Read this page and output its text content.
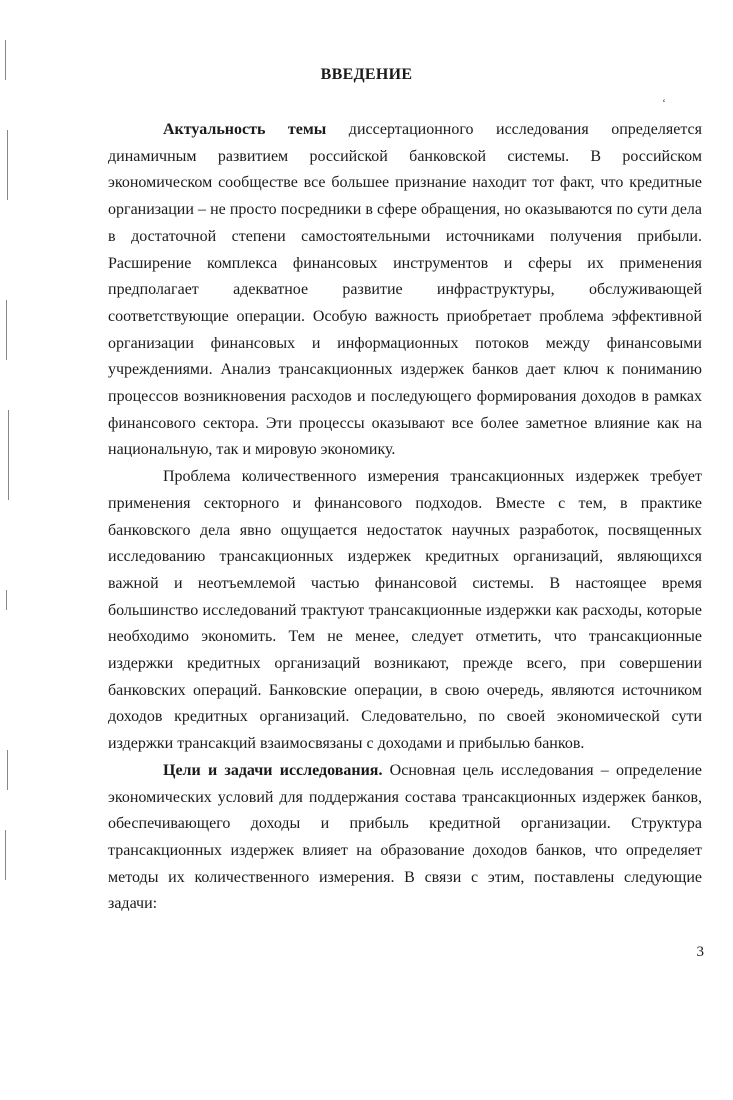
ʻ
ВВЕДЕНИЕ

Актуальность темы диссертационного исследования определяется динамичным развитием российской банковской системы. В российском экономическом сообществе все большее признание находит тот факт, что кредитные организации – не просто посредники в сфере обращения, но оказываются по сути дела в достаточной степени самостоятельными источниками получения прибыли. Расширение комплекса финансовых инструментов и сферы их применения предполагает адекватное развитие инфраструктуры, обслуживающей соответствующие операции. Особую важность приобретает проблема эффективной организации финансовых и информационных потоков между финансовыми учреждениями. Анализ трансакционных издержек банков дает ключ к пониманию процессов возникновения расходов и последующего формирования доходов в рамках финансового сектора. Эти процессы оказывают все более заметное влияние как на национальную, так и мировую экономику.

Проблема количественного измерения трансакционных издержек требует применения секторного и финансового подходов. Вместе с тем, в практике банковского дела явно ощущается недостаток научных разработок, посвященных исследованию трансакционных издержек кредитных организаций, являющихся важной и неотъемлемой частью финансовой системы. В настоящее время большинство исследований трактуют трансакционные издержки как расходы, которые необходимо экономить. Тем не менее, следует отметить, что трансакционные издержки кредитных организаций возникают, прежде всего, при совершении банковских операций. Банковские операции, в свою очередь, являются источником доходов кредитных организаций. Следовательно, по своей экономической сути издержки трансакций взаимосвязаны с доходами и прибылью банков.

Цели и задачи исследования. Основная цель исследования – определение экономических условий для поддержания состава трансакционных издержек банков, обеспечивающего доходы и прибыль кредитной организации. Структура трансакционных издержек влияет на образование доходов банков, что определяет методы их количественного измерения. В связи с этим, поставлены следующие задачи:

3
